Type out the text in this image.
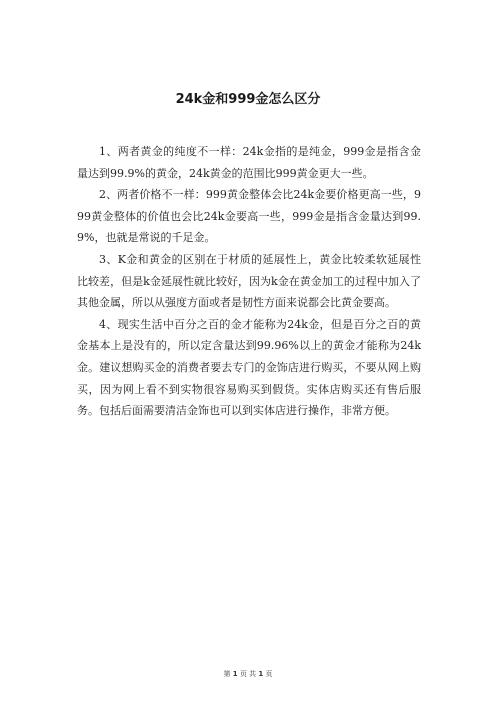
24k金和999金怎么区分

1、两者黄金的纯度不一样：24k金指的是纯金，999金是指含金量达到99.9%的黄金，24k黄金的范围比999黄金更大一些。

2、两者价格不一样：999黄金整体会比24k金要价格更高一些，999黄金整体的价值也会比24k金要高一些，999金是指含金量达到99.9%，也就是常说的千足金。

3、K金和黄金的区别在于材质的延展性上，黄金比较柔软延展性比较差，但是k金延展性就比较好，因为k金在黄金加工的过程中加入了其他金属，所以从强度方面或者是韧性方面来说都会比黄金要高。

4、现实生活中百分之百的金才能称为24k金，但是百分之百的黄金基本上是没有的，所以定含量达到99.96%以上的黄金才能称为24k金。建议想购买金的消费者要去专门的金饰店进行购买，不要从网上购买，因为网上看不到实物很容易购买到假货。实体店购买还有售后服务。包括后面需要清洁金饰也可以到实体店进行操作，非常方便。

第 1 页 共 1 页
